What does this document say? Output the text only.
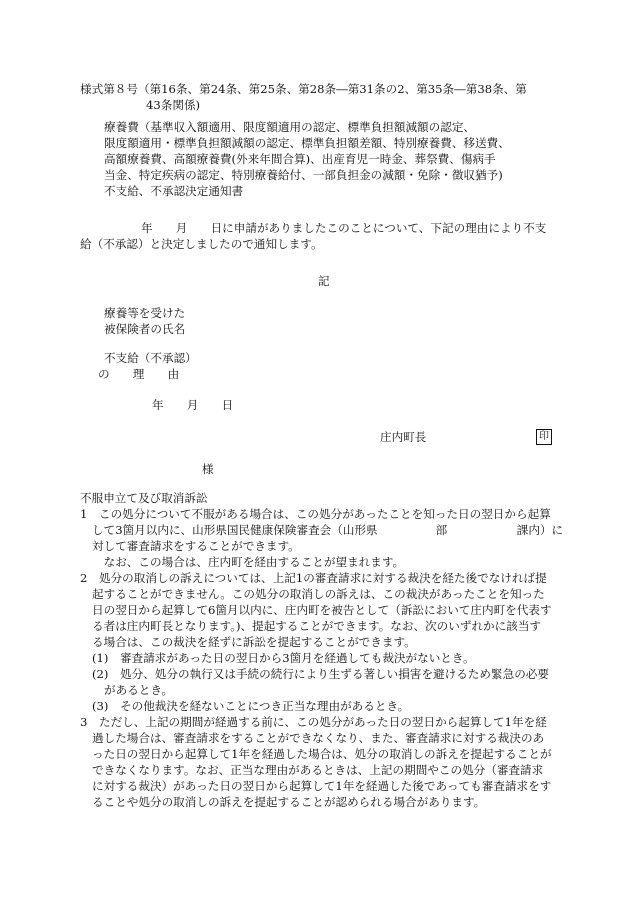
様式第８号（第16条、第24条、第25条、第28条―第31条の2、第35条―第38条、第
43条関係)
療養費（基準収入額適用、限度額適用の認定、標準負担額減額の認定、
限度額適用・標準負担額減額の認定、標準負担額差額、特別療養費、移送費、
高額療養費、高額療養費(外来年間合算)、出産育児一時金、葬祭費、傷病手
当金、特定疾病の認定、特別療養給付、一部負担金の減額・免除・徴収猶予)
不支給、不承認決定通知書
年　　月　　日に申請がありましたこのことについて、下記の理由により不支
給（不承認）と決定しましたので通知します。
記
療養等を受けた
被保険者の氏名
不支給（不承認）
の　　理　　由
年　　月　　日
庄内町長	印
様
不服申立て及び取消訴訟
1　この処分について不服がある場合は、この処分があったことを知った日の翌日から起算
して3箇月以内に、山形県国民健康保険審査会（山形県　　　　　部　　　　　　課内）に
対して審査請求をすることができます。
　なお、この場合は、庄内町を経由することが望まれます。
2　処分の取消しの訴えについては、上記1の審査請求に対する裁決を経た後でなければ提
起することができません。この処分の取消しの訴えは、この裁決があったことを知った
日の翌日から起算して6箇月以内に、庄内町を被告として（訴訟において庄内町を代表す
る者は庄内町長となります。)、提起することができます。なお、次のいずれかに該当す
る場合は、この裁決を経ずに訴訟を提起することができます。
(1)　審査請求があった日の翌日から3箇月を経過しても裁決がないとき。
(2)　処分、処分の執行又は手続の続行により生ずる著しい損害を避けるため緊急の必要
があるとき。
(3)　その他裁決を経ないことにつき正当な理由があるとき。
3　ただし、上記の期間が経過する前に、この処分があった日の翌日から起算して1年を経
過した場合は、審査請求をすることができなくなり、また、審査請求に対する裁決のあ
った日の翌日から起算して1年を経過した場合は、処分の取消しの訴えを提起することが
できなくなります。なお、正当な理由があるときは、上記の期間やこの処分（審査請求
に対する裁決）があった日の翌日から起算して1年を経過した後であっても審査請求をす
ることや処分の取消しの訴えを提起することが認められる場合があります。
